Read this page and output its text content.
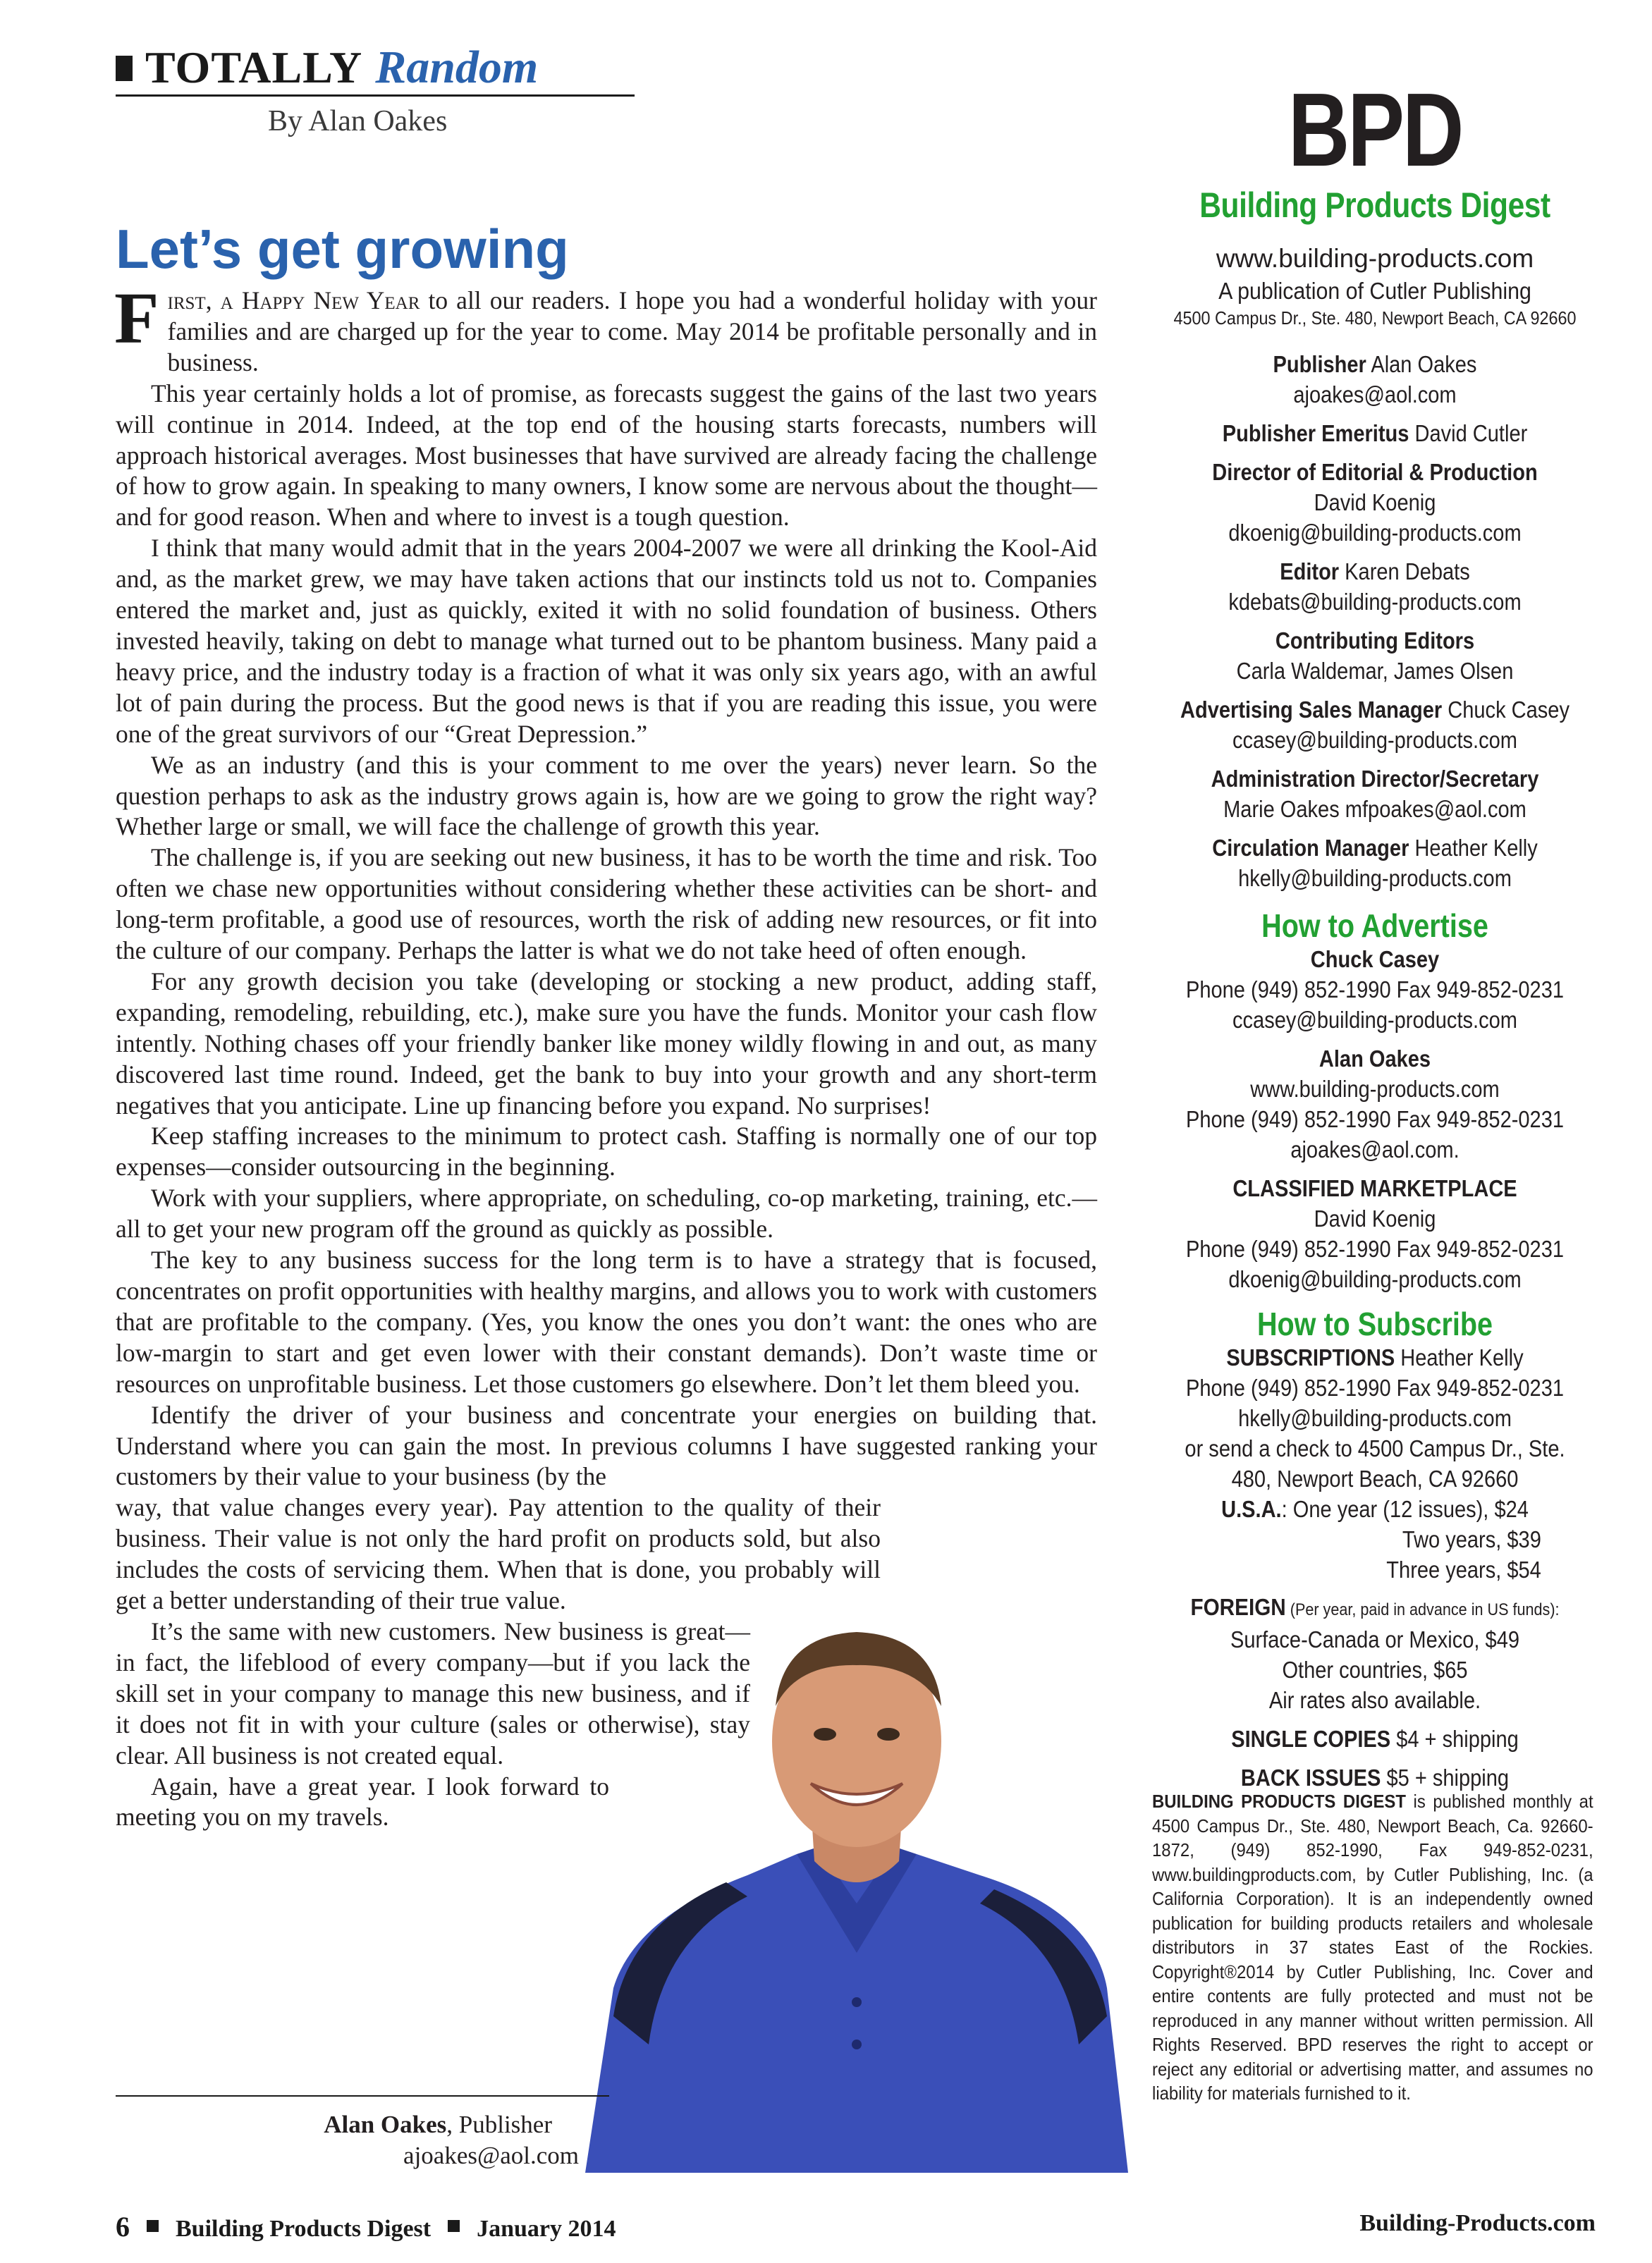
TOTALLY Random
By Alan Oakes
Let’s get growing

First, a Happy New Year to all our readers. I hope you had a wonderful holiday with your families and are charged up for the year to come. May 2014 be profitable personally and in business.

This year certainly holds a lot of promise, as forecasts suggest the gains of the last two years will continue in 2014. Indeed, at the top end of the housing starts forecasts, numbers will approach historical averages. Most businesses that have survived are already facing the challenge of how to grow again. In speaking to many owners, I know some are nervous about the thought—and for good reason. When and where to invest is a tough question.

I think that many would admit that in the years 2004-2007 we were all drinking the Kool-Aid and, as the market grew, we may have taken actions that our instincts told us not to. Companies entered the market and, just as quickly, exited it with no solid foundation of business. Others invested heavily, taking on debt to manage what turned out to be phantom business. Many paid a heavy price, and the industry today is a fraction of what it was only six years ago, with an awful lot of pain during the process. But the good news is that if you are reading this issue, you were one of the great survivors of our “Great Depression.”

We as an industry (and this is your comment to me over the years) never learn. So the question perhaps to ask as the industry grows again is, how are we going to grow the right way? Whether large or small, we will face the challenge of growth this year.

The challenge is, if you are seeking out new business, it has to be worth the time and risk. Too often we chase new opportunities without considering whether these activities can be short- and long-term profitable, a good use of resources, worth the risk of adding new resources, or fit into the culture of our company. Perhaps the latter is what we do not take heed of often enough.

For any growth decision you take (developing or stocking a new product, adding staff, expanding, remodeling, rebuilding, etc.), make sure you have the funds. Monitor your cash flow intently. Nothing chases off your friendly banker like money wildly flowing in and out, as many discovered last time round. Indeed, get the bank to buy into your growth and any short-term negatives that you anticipate. Line up financing before you expand. No surprises!

Keep staffing increases to the minimum to protect cash. Staffing is normally one of our top expenses—consider outsourcing in the beginning.

Work with your suppliers, where appropriate, on scheduling, co-op marketing, training, etc.—all to get your new program off the ground as quickly as possible.

The key to any business success for the long term is to have a strategy that is focused, concentrates on profit opportunities with healthy margins, and allows you to work with customers that are profitable to the company. (Yes, you know the ones you don’t want: the ones who are low-margin to start and get even lower with their constant demands). Don’t waste time or resources on unprofitable business. Let those customers go elsewhere. Don’t let them bleed you.

Identify the driver of your business and concentrate your energies on building that. Understand where you can gain the most. In previous columns I have suggested ranking your customers by their value to your business (by the

way, that value changes every year). Pay attention to the quality of their business. Their value is not only the hard profit on products sold, but also includes the costs of servicing them. When that is done, you probably will get a better understanding of their true value.

It’s the same with new customers. New business is great—in fact, the lifeblood of every company—but if you lack the skill set in your company to manage this new business, and if it does not fit in with your culture (sales or otherwise), stay clear. All business is not created equal.

Again, have a great year. I look forward to meeting you on my travels.

Alan Oakes, Publisher
ajoakes@aol.com
6 Building Products Digest January 2014	Building-Products.com
BPD
Building Products Digest
www.building-products.com
A publication of Cutler Publishing
4500 Campus Dr., Ste. 480, Newport Beach, CA 92660
Publisher Alan Oakes
ajoakes@aol.com
Publisher Emeritus David Cutler
Director of Editorial & Production
David Koenig
dkoenig@building-products.com
Editor Karen Debats
kdebats@building-products.com
Contributing Editors
Carla Waldemar, James Olsen
Advertising Sales Manager Chuck Casey
ccasey@building-products.com
Administration Director/Secretary
Marie Oakes mfpoakes@aol.com
Circulation Manager Heather Kelly
hkelly@building-products.com
How to Advertise
Chuck Casey
Phone (949) 852-1990 Fax 949-852-0231
ccasey@building-products.com
Alan Oakes
www.building-products.com
Phone (949) 852-1990 Fax 949-852-0231
ajoakes@aol.com.
CLASSIFIED MARKETPLACE
David Koenig
Phone (949) 852-1990 Fax 949-852-0231
dkoenig@building-products.com
How to Subscribe
SUBSCRIPTIONS Heather Kelly
Phone (949) 852-1990 Fax 949-852-0231
hkelly@building-products.com
or send a check to 4500 Campus Dr., Ste.
480, Newport Beach, CA 92660
U.S.A.: One year (12 issues), $24
Two years, $39
Three years, $54
FOREIGN (Per year, paid in advance in US funds):
Surface-Canada or Mexico, $49
Other countries, $65
Air rates also available.
SINGLE COPIES $4 + shipping
BACK ISSUES $5 + shipping
BUILDING PRODUCTS DIGEST is published monthly at 4500 Campus Dr., Ste. 480, Newport Beach, Ca. 92660-1872, (949) 852-1990, Fax 949-852-0231, www.buildingproducts.com, by Cutler Publishing, Inc. (a California Corporation). It is an independently owned publication for building products retailers and wholesale distributors in 37 states East of the Rockies. Copyright®2014 by Cutler Publishing, Inc. Cover and entire contents are fully protected and must not be reproduced in any manner without written permission. All Rights Reserved. BPD reserves the right to accept or reject any editorial or advertising matter, and assumes no liability for materials furnished to it.
